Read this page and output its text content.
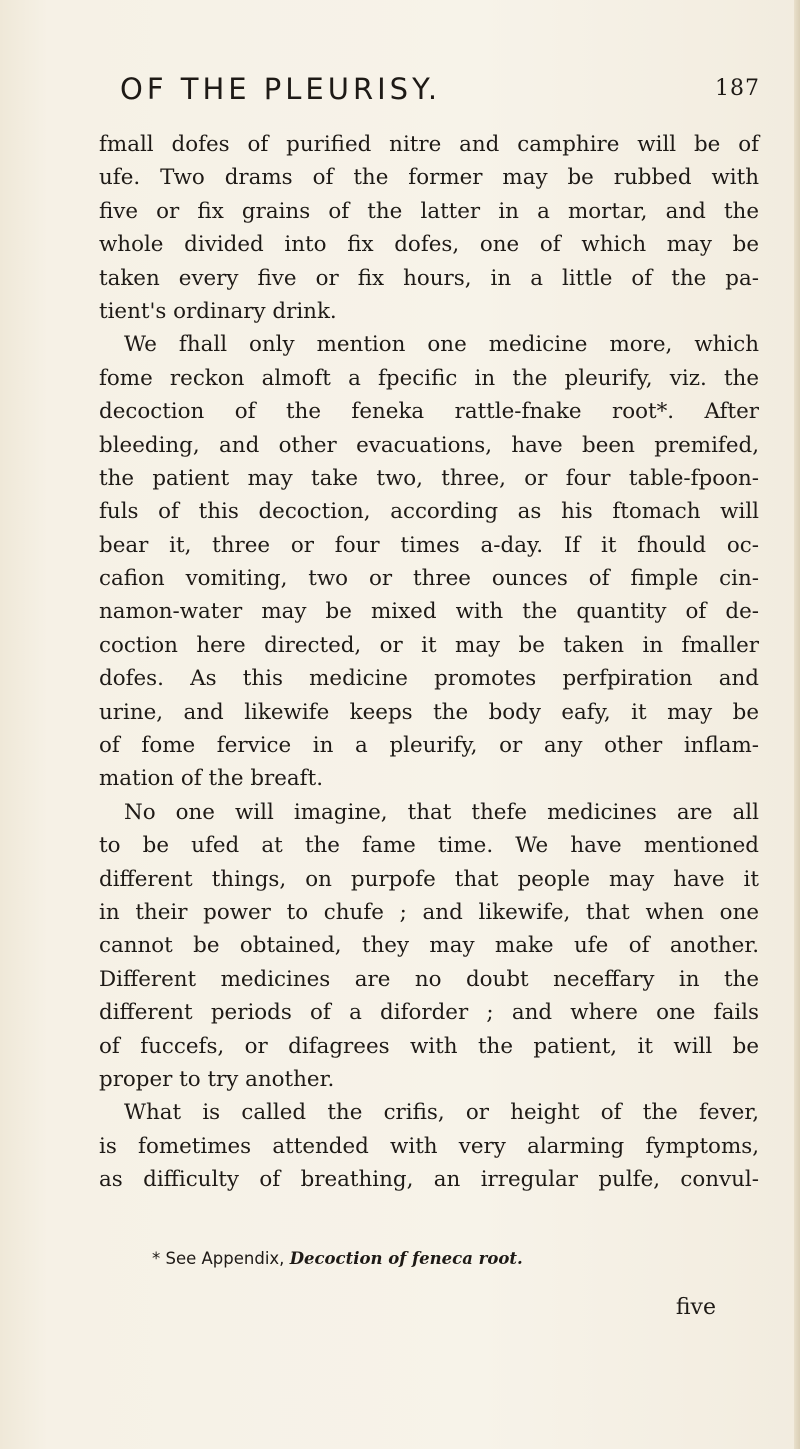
OF THE PLEURISY.	187
fmall dofes of purified nitre and camphire will be of
ufe. Two drams of the former may be rubbed with
five or fix grains of the latter in a mortar, and the
whole divided into fix dofes, one of which may be
taken every five or fix hours, in a little of the pa-
tient's ordinary drink.
We fhall only mention one medicine more, which
fome reckon almoft a fpecific in the pleurify, viz. the
decoction of the feneka rattle-fnake root*. After
bleeding, and other evacuations, have been premifed,
the patient may take two, three, or four table-fpoon-
fuls of this decoction, according as his ftomach will
bear it, three or four times a-day. If it fhould oc-
cafion vomiting, two or three ounces of fimple cin-
namon-water may be mixed with the quantity of de-
coction here directed, or it may be taken in fmaller
dofes. As this medicine promotes perfpiration and
urine, and likewife keeps the body eafy, it may be
of fome fervice in a pleurify, or any other inflam-
mation of the breaft.
No one will imagine, that thefe medicines are all
to be ufed at the fame time. We have mentioned
different things, on purpofe that people may have it
in their power to chufe ; and likewife, that when one
cannot be obtained, they may make ufe of another.
Different medicines are no doubt neceffary in the
different periods of a diforder ; and where one fails
of fuccefs, or difagrees with the patient, it will be
proper to try another.
What is called the crifis, or height of the fever,
is fometimes attended with very alarming fymptoms,
as difficulty of breathing, an irregular pulfe, convul-
* See Appendix, Decoction of feneca root.
five
